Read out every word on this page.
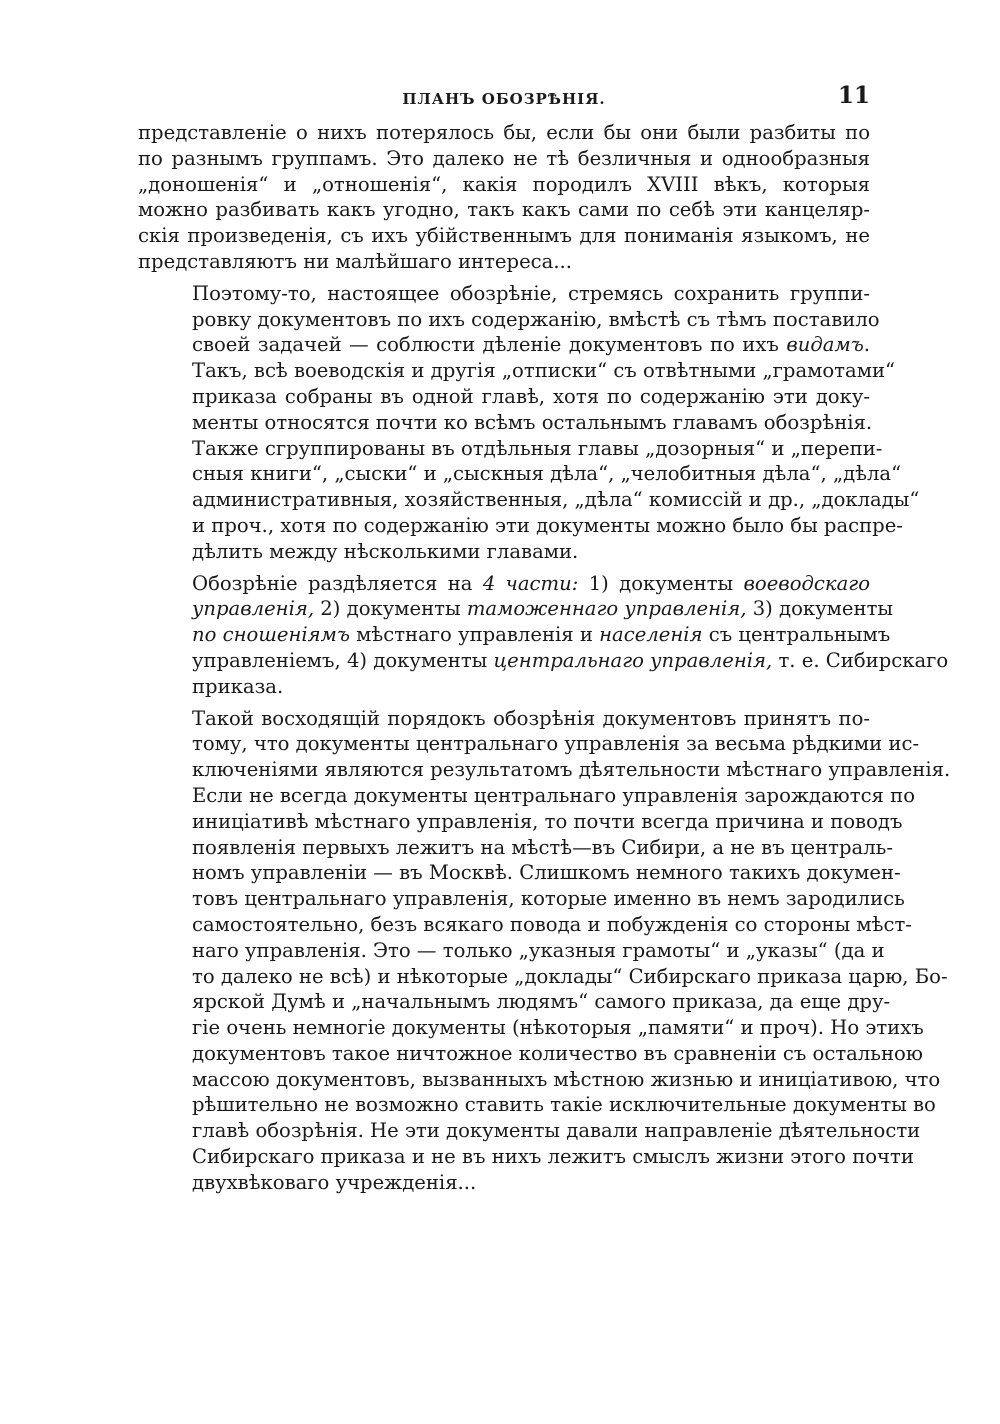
ПЛАНЪ ОБОЗРѢНІЯ.	11

представленіе о нихъ потерялось бы, если бы они были разбиты по
по разнымъ группамъ. Это далеко не тѣ безличныя и однообразныя
„доношенія“ и „отношенія“, какія породилъ XVIII вѣкъ, которыя
можно разбивать какъ угодно, такъ какъ сами по себѣ эти канцеляр-
скія произведенія, съ ихъ убійственнымъ для пониманія языкомъ, не
представляютъ ни малѣйшаго интереса...

Поэтому-то, настоящее обозрѣніе, стремясь сохранить группи-
ровку документовъ по ихъ содержанію, вмѣстѣ съ тѣмъ поставило
своей задачей — соблюсти дѣленіе документовъ по ихъ видамъ.
Такъ, всѣ воеводскія и другія „отписки“ съ отвѣтными „грамотами“
приказа собраны въ одной главѣ, хотя по содержанію эти доку-
менты относятся почти ко всѣмъ остальнымъ главамъ обозрѣнія.
Также сгруппированы въ отдѣльныя главы „дозорныя“ и „перепи-
сныя книги“, „сыски“ и „сыскныя дѣла“, „челобитныя дѣла“, „дѣла“
административныя, хозяйственныя, „дѣла“ комиссій и др., „доклады“
и проч., хотя по содержанію эти документы можно было бы распре-
дѣлить между нѣсколькими главами.

Обозрѣніе раздѣляется на 4 части: 1) документы воеводскаго
управленія, 2) документы таможеннаго управленія, 3) документы
по сношеніямъ мѣстнаго управленія и населенія съ центральнымъ
управленіемъ, 4) документы центральнаго управленія, т. е. Сибирскаго
приказа.

Такой восходящій порядокъ обозрѣнія документовъ принятъ по-
тому, что документы центральнаго управленія за весьма рѣдкими ис-
ключеніями являются результатомъ дѣятельности мѣстнаго управленія.
Если не всегда документы центральнаго управленія зарождаются по
иниціативѣ мѣстнаго управленія, то почти всегда причина и поводъ
появленія первыхъ лежитъ на мѣстѣ—въ Сибири, а не въ централь-
номъ управленіи — въ Москвѣ. Слишкомъ немного такихъ докумен-
товъ центральнаго управленія, которые именно въ немъ зародились
самостоятельно, безъ всякаго повода и побужденія со стороны мѣст-
наго управленія. Это — только „указныя грамоты“ и „указы“ (да и
то далеко не всѣ) и нѣкоторые „доклады“ Сибирскаго приказа царю, Бо-
ярской Думѣ и „начальнымъ людямъ“ самого приказа, да еще дру-
гіе очень немногіе документы (нѣкоторыя „памяти“ и проч). Но этихъ
документовъ такое ничтожное количество въ сравненіи съ остальною
массою документовъ, вызванныхъ мѣстною жизнью и иниціативою, что
рѣшительно не возможно ставить такіе исключительные документы во
главѣ обозрѣнія. Не эти документы давали направленіе дѣятельности
Сибирскаго приказа и не въ нихъ лежитъ смыслъ жизни этого почти
двухвѣковаго учрежденія...
